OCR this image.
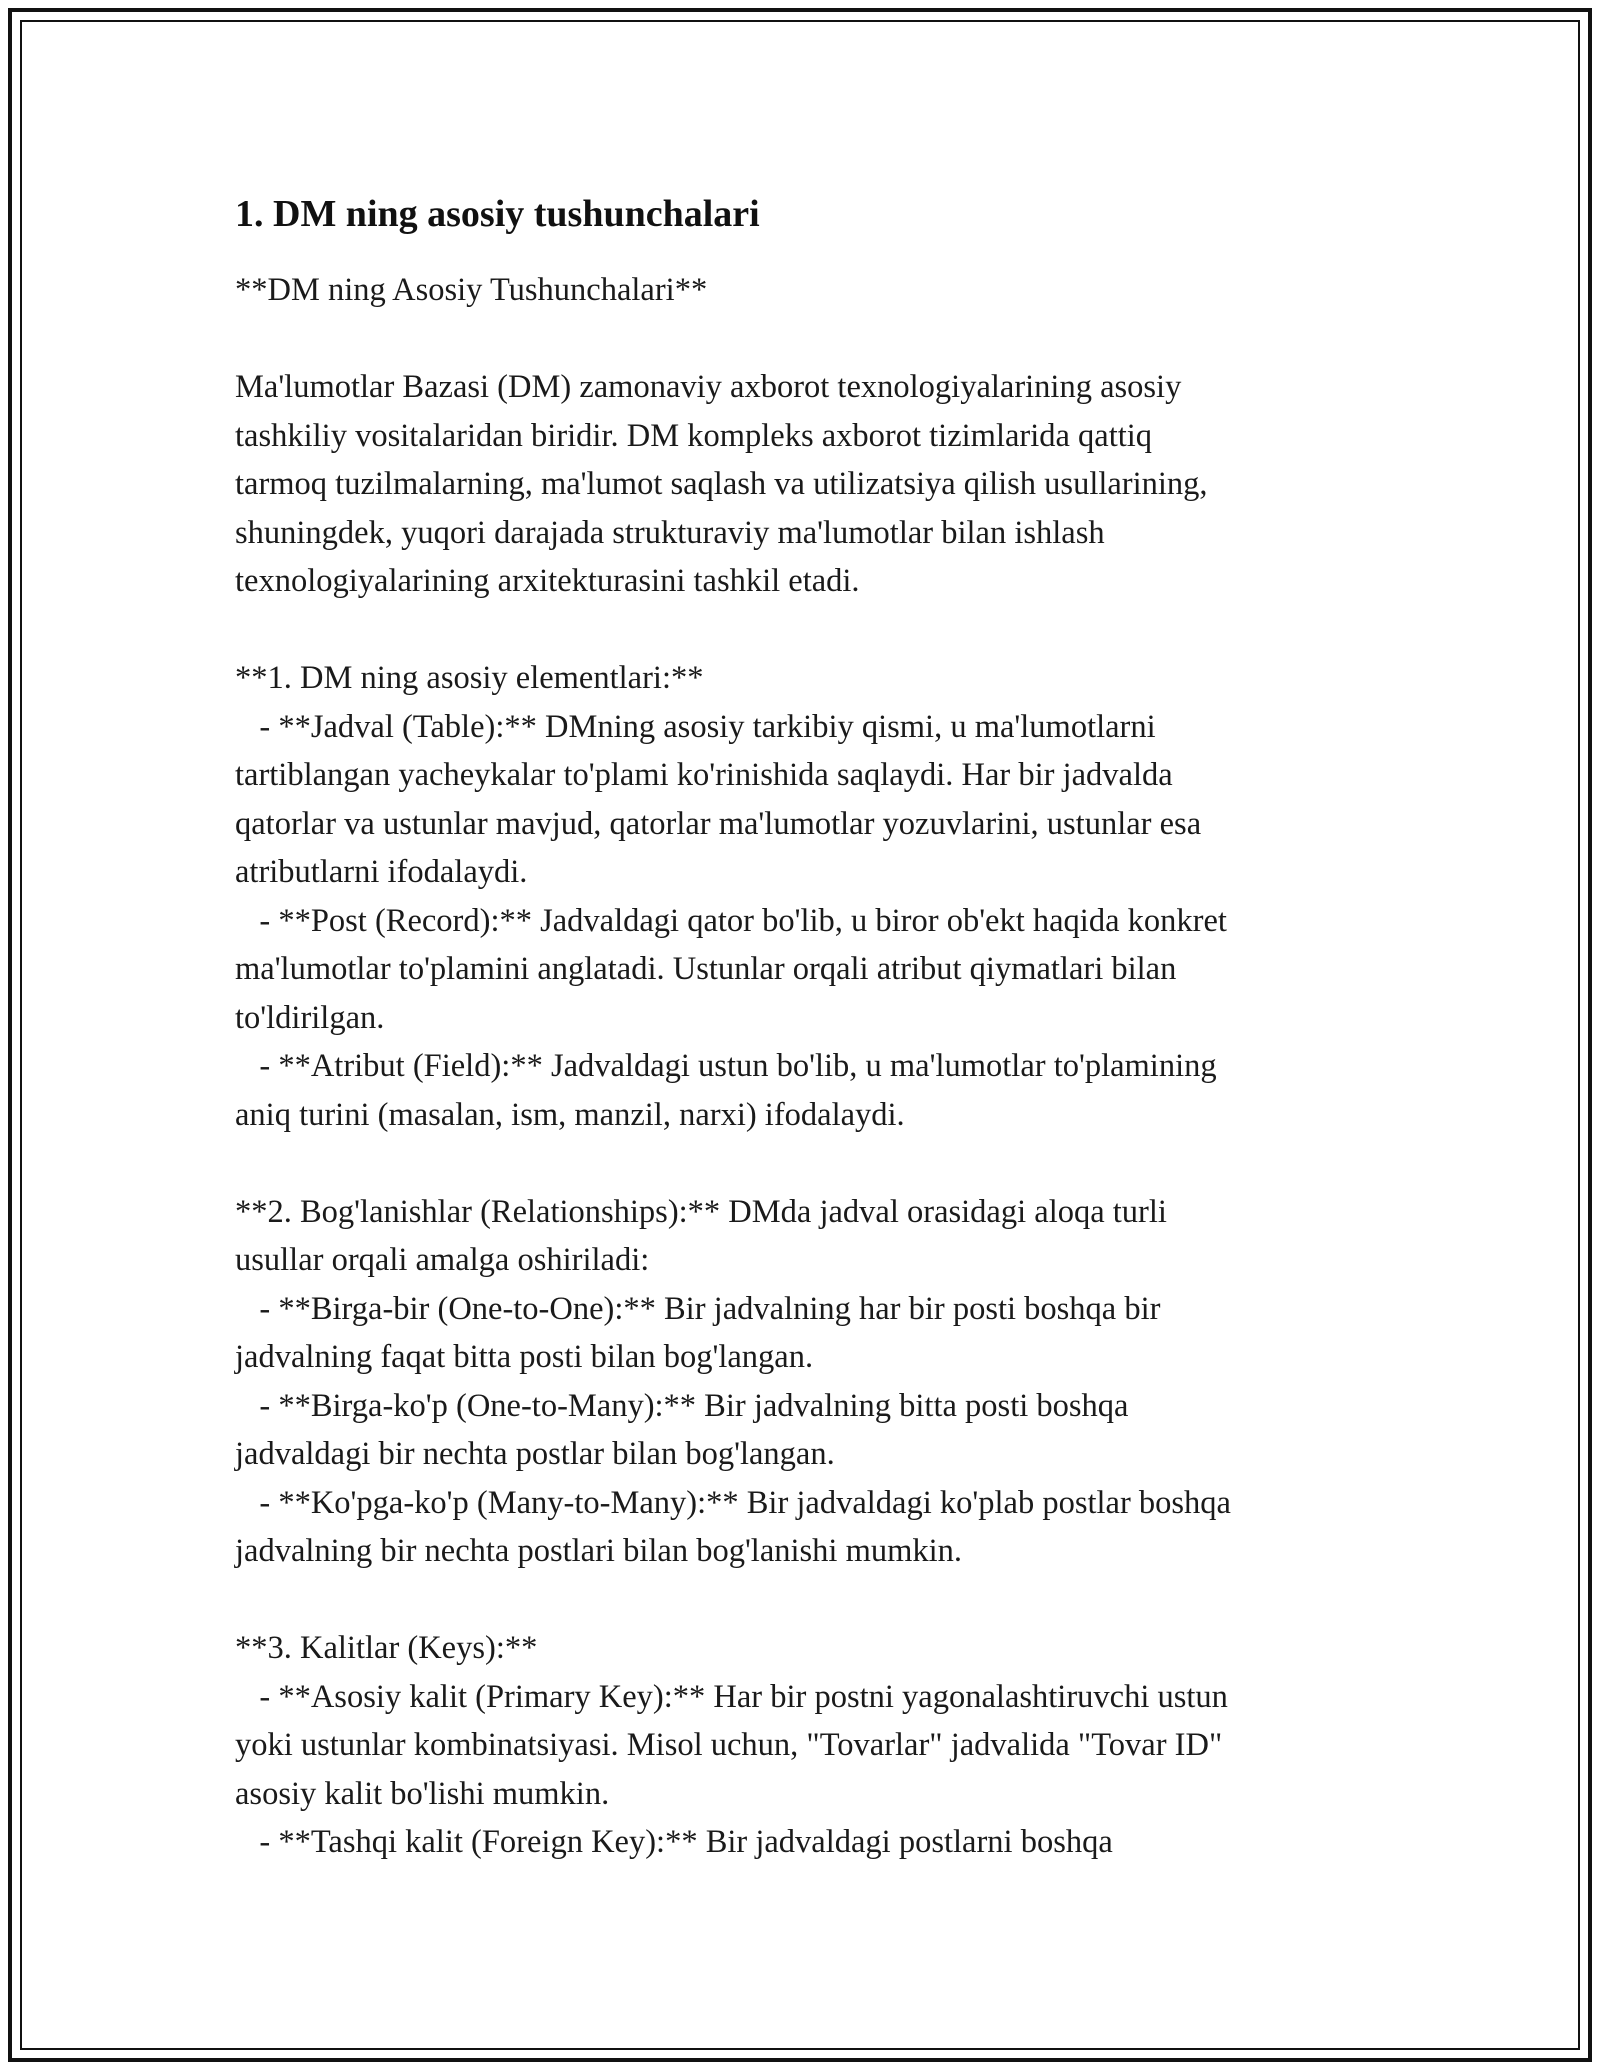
1. DM ning asosiy tushunchalari

**DM ning Asosiy Tushunchalari**

Ma'lumotlar Bazasi (DM) zamonaviy axborot texnologiyalarining asosiy
tashkiliy vositalaridan biridir. DM kompleks axborot tizimlarida qattiq
tarmoq tuzilmalarning, ma'lumot saqlash va utilizatsiya qilish usullarining,
shuningdek, yuqori darajada strukturaviy ma'lumotlar bilan ishlash
texnologiyalarining arxitekturasini tashkil etadi.

**1. DM ning asosiy elementlari:**
- **Jadval (Table):** DMning asosiy tarkibiy qismi, u ma'lumotlarni
tartiblangan yacheykalar to'plami ko'rinishida saqlaydi. Har bir jadvalda
qatorlar va ustunlar mavjud, qatorlar ma'lumotlar yozuvlarini, ustunlar esa
atributlarni ifodalaydi.
- **Post (Record):** Jadvaldagi qator bo'lib, u biror ob'ekt haqida konkret
ma'lumotlar to'plamini anglatadi. Ustunlar orqali atribut qiymatlari bilan
to'ldirilgan.
- **Atribut (Field):** Jadvaldagi ustun bo'lib, u ma'lumotlar to'plamining
aniq turini (masalan, ism, manzil, narxi) ifodalaydi.

**2. Bog'lanishlar (Relationships):** DMda jadval orasidagi aloqa turli
usullar orqali amalga oshiriladi:
- **Birga-bir (One-to-One):** Bir jadvalning har bir posti boshqa bir
jadvalning faqat bitta posti bilan bog'langan.
- **Birga-ko'p (One-to-Many):** Bir jadvalning bitta posti boshqa
jadvaldagi bir nechta postlar bilan bog'langan.
- **Ko'pga-ko'p (Many-to-Many):** Bir jadvaldagi ko'plab postlar boshqa
jadvalning bir nechta postlari bilan bog'lanishi mumkin.

**3. Kalitlar (Keys):**
- **Asosiy kalit (Primary Key):** Har bir postni yagonalashtiruvchi ustun
yoki ustunlar kombinatsiyasi. Misol uchun, "Tovarlar" jadvalida "Tovar ID"
asosiy kalit bo'lishi mumkin.
- **Tashqi kalit (Foreign Key):** Bir jadvaldagi postlarni boshqa
